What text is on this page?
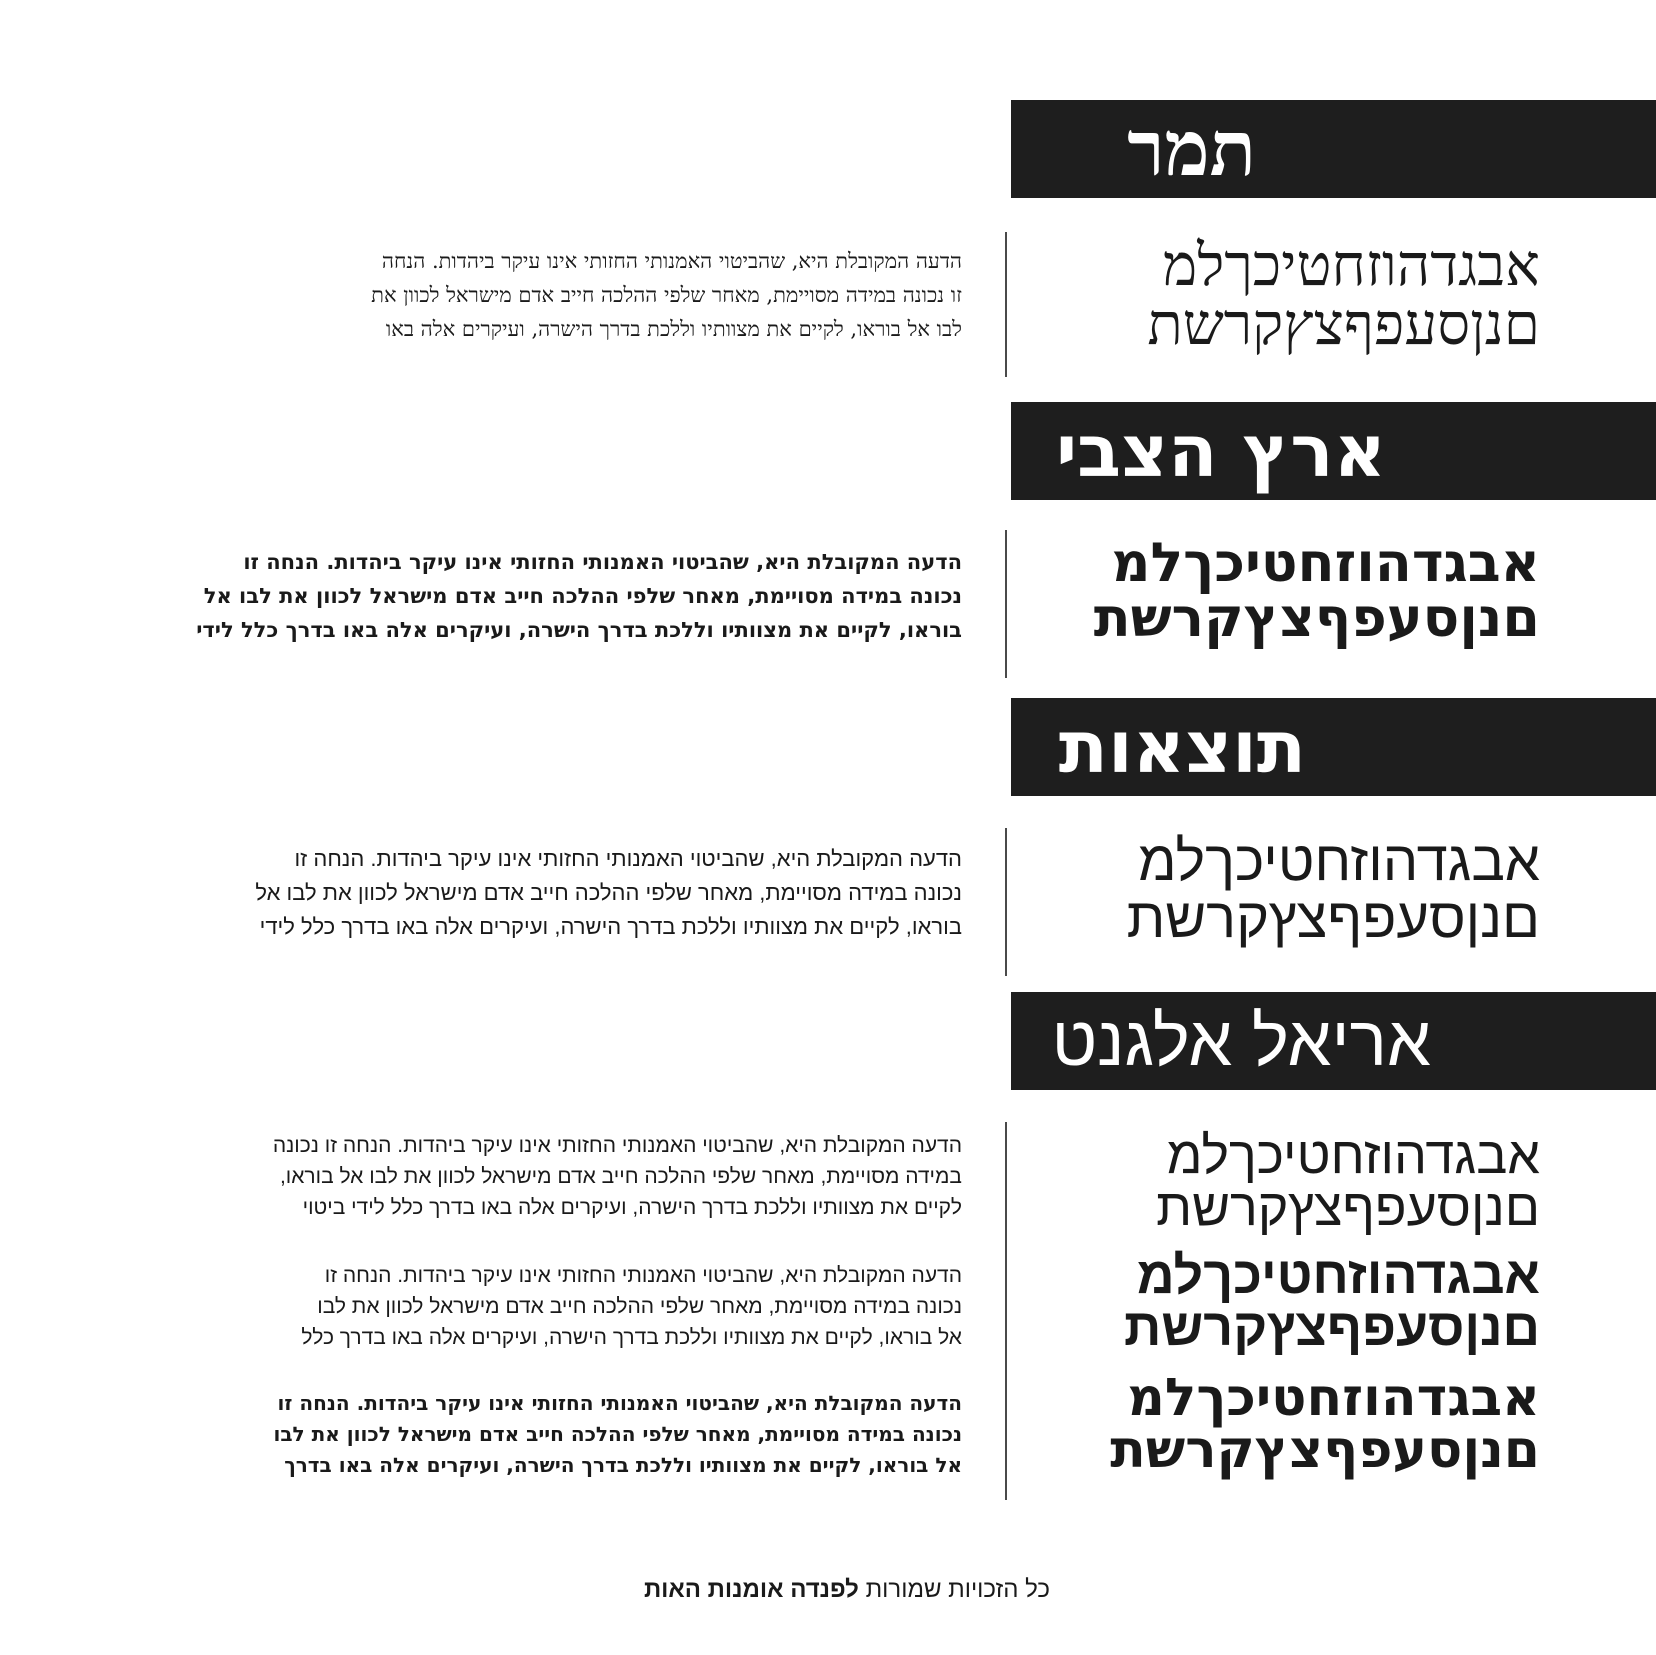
תמר
אבגדהוזחטיכךלמ
םנןסעפףצץקרשת
הדעה המקובלת היא, שהביטוי האמנותי החזותי אינו עיקר ביהדות. הנחה
זו נכונה במידה מסויימת, מאחר שלפי ההלכה חייב אדם מישראל לכוון את
לבו אל בוראו, לקיים את מצוותיו וללכת בדרך הישרה, ועיקרים אלה באו
ארץ הצבי
אבגדהוזחטיכךלמ
םנןסעפףצץקרשת
הדעה המקובלת היא, שהביטוי האמנותי החזותי אינו עיקר ביהדות. הנחה זו
נכונה במידה מסויימת, מאחר שלפי ההלכה חייב אדם מישראל לכוון את לבו אל
בוראו, לקיים את מצוותיו וללכת בדרך הישרה, ועיקרים אלה באו בדרך כלל לידי
תוצאות
אבגדהוזחטיכךלמ
םנןסעפףצץקרשת
הדעה המקובלת היא, שהביטוי האמנותי החזותי אינו עיקר ביהדות. הנחה זו
נכונה במידה מסויימת, מאחר שלפי ההלכה חייב אדם מישראל לכוון את לבו אל
בוראו, לקיים את מצוותיו וללכת בדרך הישרה, ועיקרים אלה באו בדרך כלל לידי
אריאל אלגנט
אבגדהוזחטיכךלמ
םנןסעפףצץקרשת
הדעה המקובלת היא, שהביטוי האמנותי החזותי אינו עיקר ביהדות. הנחה זו נכונה
במידה מסויימת, מאחר שלפי ההלכה חייב אדם מישראל לכוון את לבו אל בוראו,
לקיים את מצוותיו וללכת בדרך הישרה, ועיקרים אלה באו בדרך כלל לידי ביטוי
אבגדהוזחטיכךלמ
םנןסעפףצץקרשת
הדעה המקובלת היא, שהביטוי האמנותי החזותי אינו עיקר ביהדות. הנחה זו
נכונה במידה מסויימת, מאחר שלפי ההלכה חייב אדם מישראל לכוון את לבו
אל בוראו, לקיים את מצוותיו וללכת בדרך הישרה, ועיקרים אלה באו בדרך כלל
אבגדהוזחטיכךלמ
םנןסעפףצץקרשת
הדעה המקובלת היא, שהביטוי האמנותי החזותי אינו עיקר ביהדות. הנחה זו
נכונה במידה מסויימת, מאחר שלפי ההלכה חייב אדם מישראל לכוון את לבו
אל בוראו, לקיים את מצוותיו וללכת בדרך הישרה, ועיקרים אלה באו בדרך
כל הזכויות שמורות לפנדה אומנות האות
